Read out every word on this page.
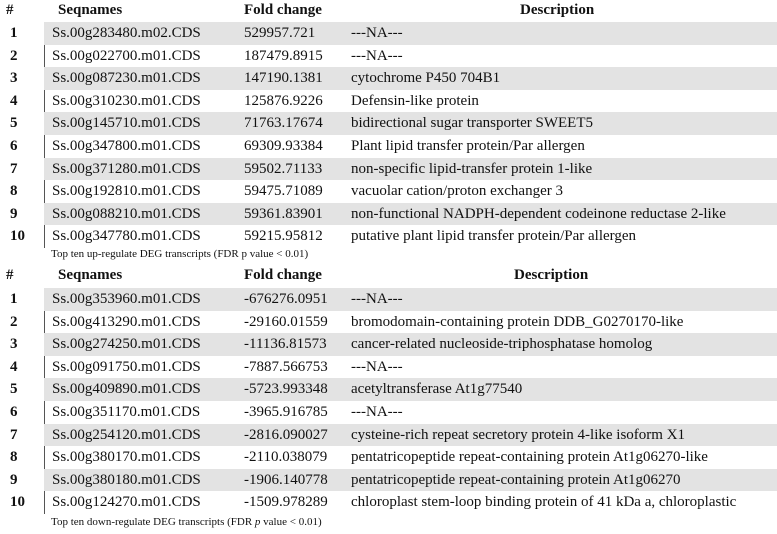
#	Seqnames	Fold change	Description
1 Ss.00g283480.m02.CDS	529957.721 ---NA---
2 Ss.00g022700.m01.CDS	187479.8915 ---NA---
3 Ss.00g087230.m01.CDS	147190.1381 cytochrome P450 704B1
4 Ss.00g310230.m01.CDS	125876.9226 Defensin-like protein
5 Ss.00g145710.m01.CDS	71763.17674 bidirectional sugar transporter SWEET5
6 Ss.00g347800.m01.CDS	69309.93384 Plant lipid transfer protein/Par allergen
7 Ss.00g371280.m01.CDS	59502.71133 non-specific lipid-transfer protein 1-like
8 Ss.00g192810.m01.CDS	59475.71089 vacuolar cation/proton exchanger 3
9 Ss.00g088210.m01.CDS	59361.83901 non-functional NADPH-dependent codeinone reductase 2-like
10 Ss.00g347780.m01.CDS	59215.95812 putative plant lipid transfer protein/Par allergen
Top ten up-regulate DEG transcripts (FDR p value < 0.01)
#	Seqnames	Fold change	Description
1 Ss.00g353960.m01.CDS	-676276.0951 ---NA---
2 Ss.00g413290.m01.CDS	-29160.01559 bromodomain-containing protein DDB_G0270170-like
3 Ss.00g274250.m01.CDS	-11136.81573 cancer-related nucleoside-triphosphatase homolog
4 Ss.00g091750.m01.CDS	-7887.566753 ---NA---
5 Ss.00g409890.m01.CDS	-5723.993348 acetyltransferase At1g77540
6 Ss.00g351170.m01.CDS	-3965.916785 ---NA---
7 Ss.00g254120.m01.CDS	-2816.090027 cysteine-rich repeat secretory protein 4-like isoform X1
8 Ss.00g380170.m01.CDS	-2110.038079 pentatricopeptide repeat-containing protein At1g06270-like
9 Ss.00g380180.m01.CDS	-1906.140778 pentatricopeptide repeat-containing protein At1g06270
10 Ss.00g124270.m01.CDS	-1509.978289 chloroplast stem-loop binding protein of 41 kDa a, chloroplastic
Top ten down-regulate DEG transcripts (FDR p value < 0.01)
